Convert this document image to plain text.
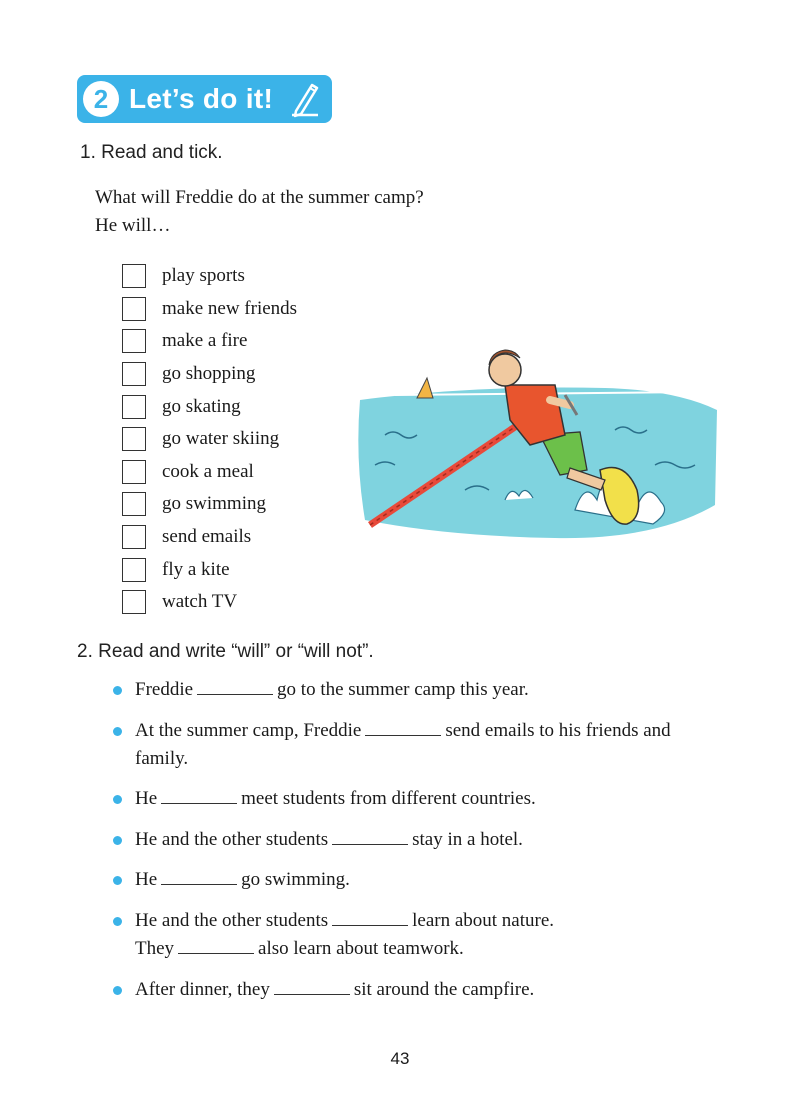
2 Let’s do it!
1. Read and tick.
What will Freddie do at the summer camp?
He will…
play sports
make new friends
make a fire
go shopping
go skating
go water skiing
cook a meal
go swimming
send emails
fly a kite
watch TV
2. Read and write “will” or “will not”.
Freddie	go to the summer camp this year.
At the summer camp, Freddie	send emails to his friends and family.
He	meet students from different countries.
He and the other students	stay in a hotel.
He	go swimming.
He and the other students	learn about nature.
They	also learn about teamwork.
After dinner, they	sit around the campfire.
43
